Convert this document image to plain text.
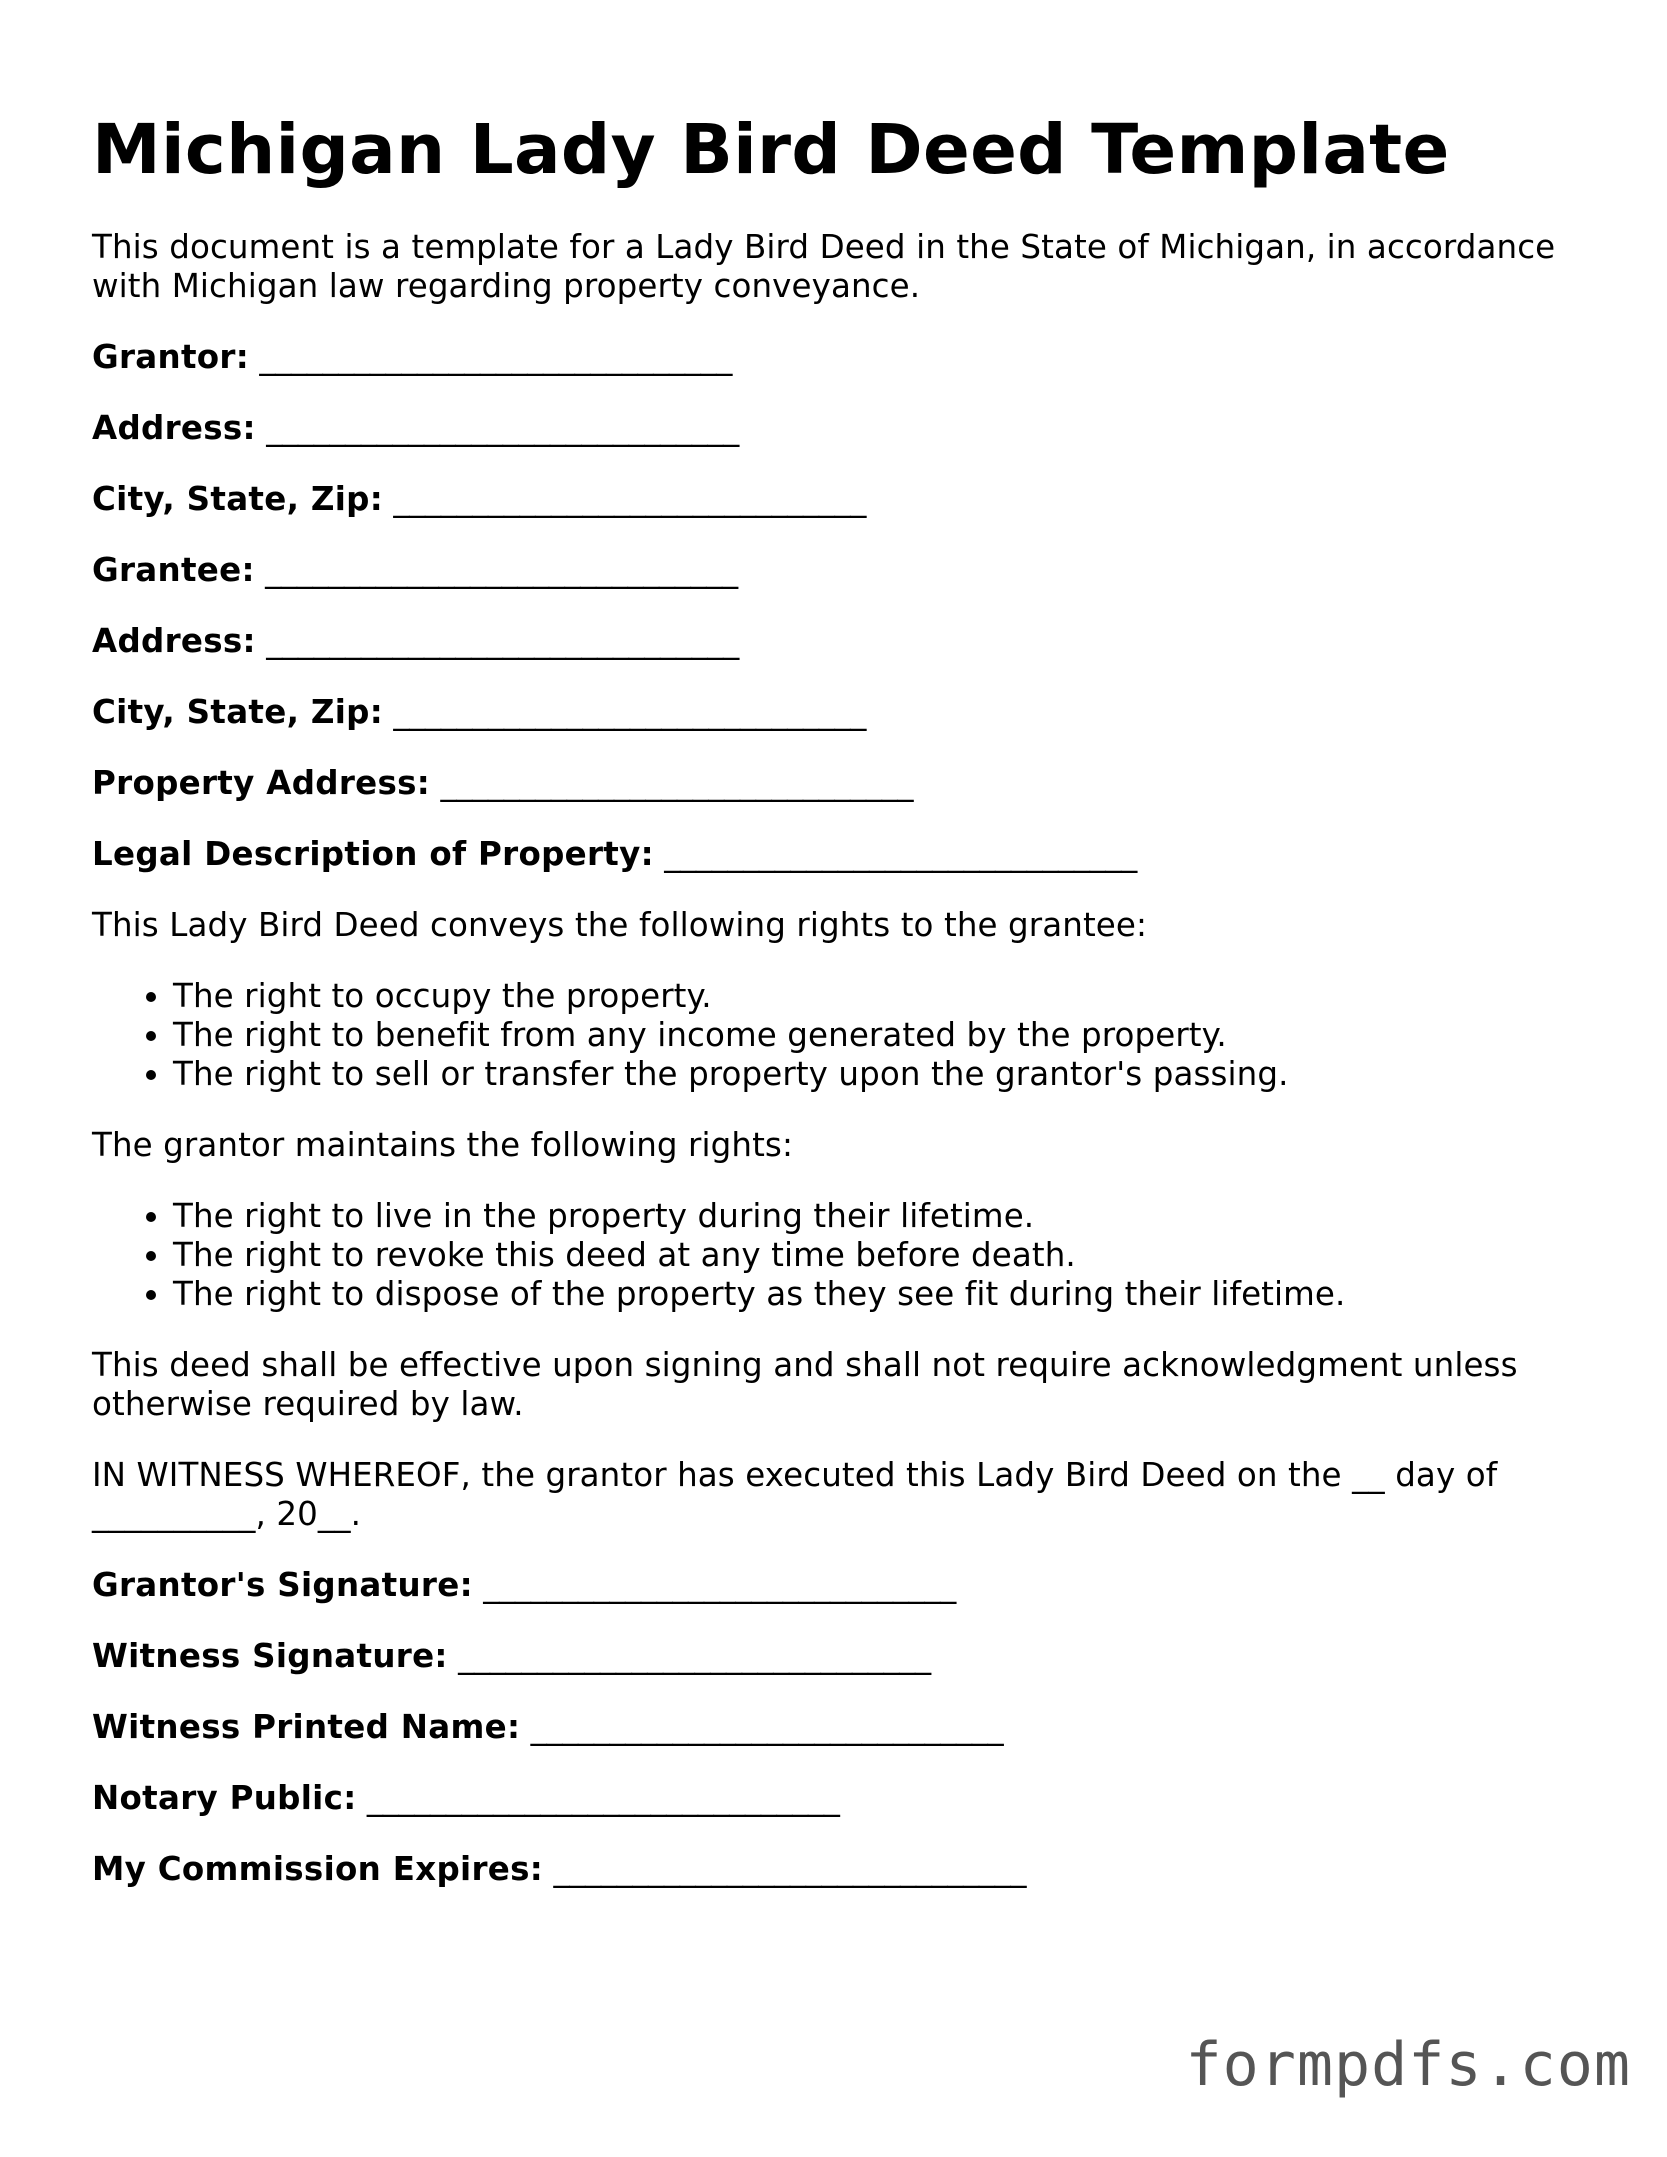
Michigan Lady Bird Deed Template

This document is a template for a Lady Bird Deed in the State of Michigan, in accordance with Michigan law regarding property conveyance.

Grantor: ______________________________
Address: ______________________________
City, State, Zip: ______________________________
Grantee: ______________________________
Address: ______________________________
City, State, Zip: ______________________________
Property Address: ______________________________
Legal Description of Property: ______________________________

This Lady Bird Deed conveys the following rights to the grantee:

• The right to occupy the property.
• The right to benefit from any income generated by the property.
• The right to sell or transfer the property upon the grantor's passing.

The grantor maintains the following rights:

• The right to live in the property during their lifetime.
• The right to revoke this deed at any time before death.
• The right to dispose of the property as they see fit during their lifetime.

This deed shall be effective upon signing and shall not require acknowledgment unless otherwise required by law.

IN WITNESS WHEREOF, the grantor has executed this Lady Bird Deed on the __ day of __________, 20__.

Grantor's Signature: ______________________________
Witness Signature: ______________________________
Witness Printed Name: ______________________________
Notary Public: ______________________________
My Commission Expires: ______________________________
formpdfs.com
